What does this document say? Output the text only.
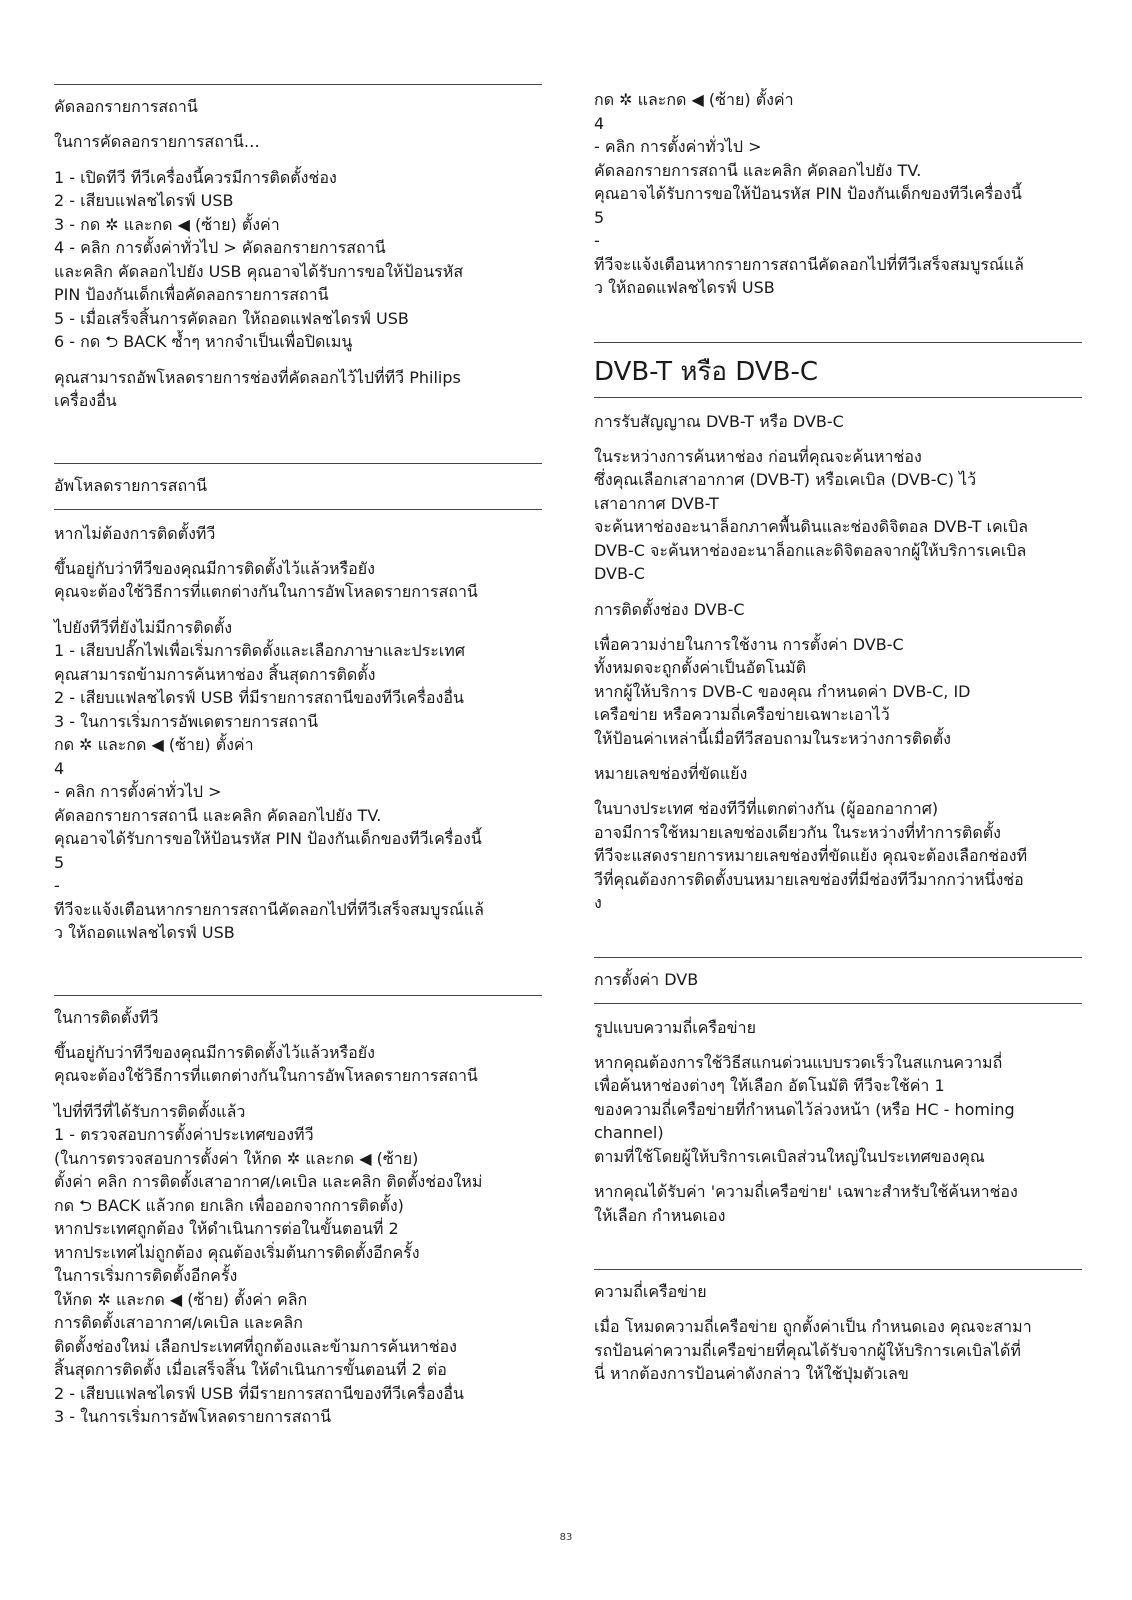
คัดลอกรายการสถานี
ในการคัดลอกรายการสถานี…
1 - เปิดทีวี ทีวีเครื่องนี้ควรมีการติดตั้งช่อง
2 - เสียบแฟลชไดรฟ์ USB
3 - กด ✲ และกด ◀ (ซ้าย) ตั้งค่า
4 - คลิก การตั้งค่าทั่วไป > คัดลอกรายการสถานี
และคลิก คัดลอกไปยัง USB คุณอาจได้รับการขอให้ป้อนรหัส
PIN ป้องกันเด็กเพื่อคัดลอกรายการสถานี
5 - เมื่อเสร็จสิ้นการคัดลอก ให้ถอดแฟลชไดรฟ์ USB
6 - กด ⮌ BACK ซ้ำๆ หากจำเป็นเพื่อปิดเมนู
คุณสามารถอัพโหลดรายการช่องที่คัดลอกไว้ไปที่ทีวี Philips
เครื่องอื่น
อัพโหลดรายการสถานี
หากไม่ต้องการติดตั้งทีวี
ขึ้นอยู่กับว่าทีวีของคุณมีการติดตั้งไว้แล้วหรือยัง
คุณจะต้องใช้วิธีการที่แตกต่างกันในการอัพโหลดรายการสถานี
ไปยังทีวีที่ยังไม่มีการติดตั้ง
1 - เสียบปลั๊กไฟเพื่อเริ่มการติดตั้งและเลือกภาษาและประเทศ
คุณสามารถข้ามการค้นหาช่อง สิ้นสุดการติดตั้ง
2 - เสียบแฟลชไดรฟ์ USB ที่มีรายการสถานีของทีวีเครื่องอื่น
3 - ในการเริ่มการอัพเดตรายการสถานี
กด ✲ และกด ◀ (ซ้าย) ตั้งค่า
4
- คลิก การตั้งค่าทั่วไป >
คัดลอกรายการสถานี และคลิก คัดลอกไปยัง TV.
คุณอาจได้รับการขอให้ป้อนรหัส PIN ป้องกันเด็กของทีวีเครื่องนี้
5
-
ทีวีจะแจ้งเตือนหากรายการสถานีคัดลอกไปที่ทีวีเสร็จสมบูรณ์แล้
ว ให้ถอดแฟลชไดรฟ์ USB
ในการติดตั้งทีวี
ขึ้นอยู่กับว่าทีวีของคุณมีการติดตั้งไว้แล้วหรือยัง
คุณจะต้องใช้วิธีการที่แตกต่างกันในการอัพโหลดรายการสถานี
ไปที่ทีวีที่ได้รับการติดตั้งแล้ว
1 - ตรวจสอบการตั้งค่าประเทศของทีวี
(ในการตรวจสอบการตั้งค่า ให้กด ✲ และกด ◀ (ซ้าย)
ตั้งค่า คลิก การติดตั้งเสาอากาศ/เคเบิล และคลิก ติดตั้งช่องใหม่
กด ⮌ BACK แล้วกด ยกเลิก เพื่อออกจากการติดตั้ง)
หากประเทศถูกต้อง ให้ดำเนินการต่อในขั้นตอนที่ 2
หากประเทศไม่ถูกต้อง คุณต้องเริ่มต้นการติดตั้งอีกครั้ง
ในการเริ่มการติดตั้งอีกครั้ง
ให้กด ✲ และกด ◀ (ซ้าย) ตั้งค่า คลิก
การติดตั้งเสาอากาศ/เคเบิล และคลิก
ติดตั้งช่องใหม่ เลือกประเทศที่ถูกต้องและข้ามการค้นหาช่อง
สิ้นสุดการติดตั้ง เมื่อเสร็จสิ้น ให้ดำเนินการขั้นตอนที่ 2 ต่อ
2 - เสียบแฟลชไดรฟ์ USB ที่มีรายการสถานีของทีวีเครื่องอื่น
3 - ในการเริ่มการอัพโหลดรายการสถานี
กด ✲ และกด ◀ (ซ้าย) ตั้งค่า
4
- คลิก การตั้งค่าทั่วไป >
คัดลอกรายการสถานี และคลิก คัดลอกไปยัง TV.
คุณอาจได้รับการขอให้ป้อนรหัส PIN ป้องกันเด็กของทีวีเครื่องนี้
5
-
ทีวีจะแจ้งเตือนหากรายการสถานีคัดลอกไปที่ทีวีเสร็จสมบูรณ์แล้
ว ให้ถอดแฟลชไดรฟ์ USB
DVB-T หรือ DVB-C
การรับสัญญาณ DVB-T หรือ DVB-C
ในระหว่างการค้นหาช่อง ก่อนที่คุณจะค้นหาช่อง
ซึ่งคุณเลือกเสาอากาศ (DVB-T) หรือเคเบิล (DVB-C) ไว้
เสาอากาศ DVB-T
จะค้นหาช่องอะนาล็อกภาคพื้นดินและช่องดิจิตอล DVB-T เคเบิล
DVB-C จะค้นหาช่องอะนาล็อกและดิจิตอลจากผู้ให้บริการเคเบิล
DVB-C
การติดตั้งช่อง DVB-C
เพื่อความง่ายในการใช้งาน การตั้งค่า DVB-C
ทั้งหมดจะถูกตั้งค่าเป็นอัตโนมัติ
หากผู้ให้บริการ DVB-C ของคุณ กำหนดค่า DVB-C, ID
เครือข่าย หรือความถี่เครือข่ายเฉพาะเอาไว้
ให้ป้อนค่าเหล่านี้เมื่อทีวีสอบถามในระหว่างการติดตั้ง
หมายเลขช่องที่ขัดแย้ง
ในบางประเทศ ช่องทีวีที่แตกต่างกัน (ผู้ออกอากาศ)
อาจมีการใช้หมายเลขช่องเดียวกัน ในระหว่างที่ทำการติดตั้ง
ทีวีจะแสดงรายการหมายเลขช่องที่ขัดแย้ง คุณจะต้องเลือกช่องที
วีที่คุณต้องการติดตั้งบนหมายเลขช่องที่มีช่องทีวีมากกว่าหนึ่งช่อ
ง
การตั้งค่า DVB
รูปแบบความถี่เครือข่าย
หากคุณต้องการใช้วิธีสแกนด่วนแบบรวดเร็วในสแกนความถี่
เพื่อค้นหาช่องต่างๆ ให้เลือก อัตโนมัติ ทีวีจะใช้ค่า 1
ของความถี่เครือข่ายที่กำหนดไว้ล่วงหน้า (หรือ HC - homing
channel)
ตามที่ใช้โดยผู้ให้บริการเคเบิลส่วนใหญ่ในประเทศของคุณ
หากคุณได้รับค่า 'ความถี่เครือข่าย' เฉพาะสำหรับใช้ค้นหาช่อง
ให้เลือก กำหนดเอง
ความถี่เครือข่าย
เมื่อ โหมดความถี่เครือข่าย ถูกตั้งค่าเป็น กำหนดเอง คุณจะสามา
รถป้อนค่าความถี่เครือข่ายที่คุณได้รับจากผู้ให้บริการเคเบิลได้ที่
นี่ หากต้องการป้อนค่าดังกล่าว ให้ใช้ปุ่มตัวเลข
83
